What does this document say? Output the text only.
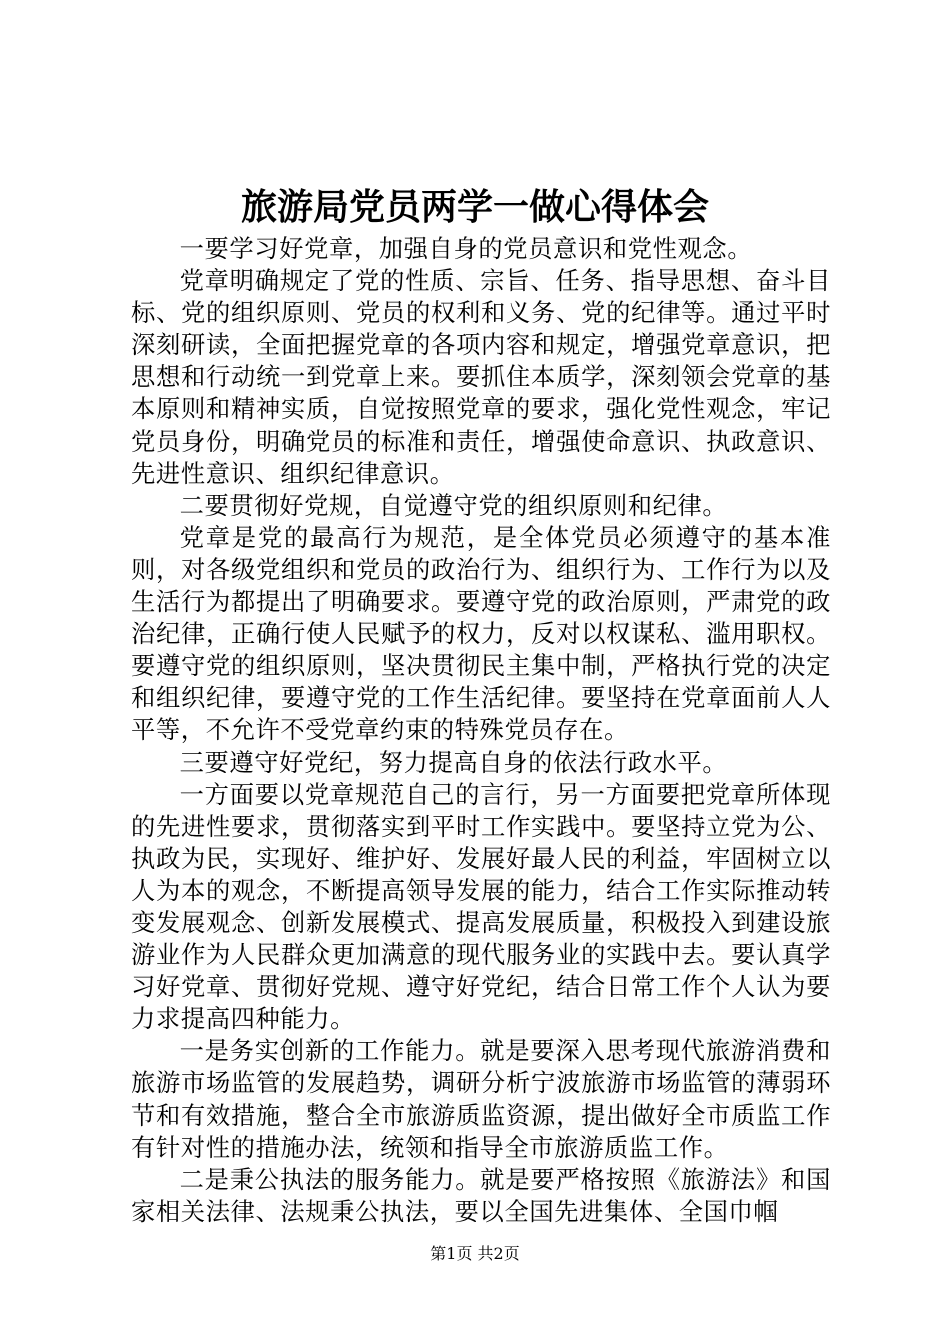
旅游局党员两学一做心得体会

一要学习好党章，加强自身的党员意识和党性观念。

党章明确规定了党的性质、宗旨、任务、指导思想、奋斗目标、党的组织原则、党员的权利和义务、党的纪律等。通过平时深刻研读，全面把握党章的各项内容和规定，增强党章意识，把思想和行动统一到党章上来。要抓住本质学，深刻领会党章的基本原则和精神实质，自觉按照党章的要求，强化党性观念，牢记党员身份，明确党员的标准和责任，增强使命意识、执政意识、先进性意识、组织纪律意识。

二要贯彻好党规，自觉遵守党的组织原则和纪律。

党章是党的最高行为规范，是全体党员必须遵守的基本准则，对各级党组织和党员的政治行为、组织行为、工作行为以及生活行为都提出了明确要求。要遵守党的政治原则，严肃党的政治纪律，正确行使人民赋予的权力，反对以权谋私、滥用职权。要遵守党的组织原则，坚决贯彻民主集中制，严格执行党的决定和组织纪律，要遵守党的工作生活纪律。要坚持在党章面前人人平等，不允许不受党章约束的特殊党员存在。

三要遵守好党纪，努力提高自身的依法行政水平。

一方面要以党章规范自己的言行，另一方面要把党章所体现的先进性要求，贯彻落实到平时工作实践中。要坚持立党为公、执政为民，实现好、维护好、发展好最人民的利益，牢固树立以人为本的观念，不断提高领导发展的能力，结合工作实际推动转变发展观念、创新发展模式、提高发展质量，积极投入到建设旅游业作为人民群众更加满意的现代服务业的实践中去。要认真学习好党章、贯彻好党规、遵守好党纪，结合日常工作个人认为要力求提高四种能力。

一是务实创新的工作能力。就是要深入思考现代旅游消费和旅游市场监管的发展趋势，调研分析宁波旅游市场监管的薄弱环节和有效措施，整合全市旅游质监资源，提出做好全市质监工作有针对性的措施办法，统领和指导全市旅游质监工作。

二是秉公执法的服务能力。就是要严格按照《旅游法》和国家相关法律、法规秉公执法，要以全国先进集体、全国巾帼

第1页 共2页
